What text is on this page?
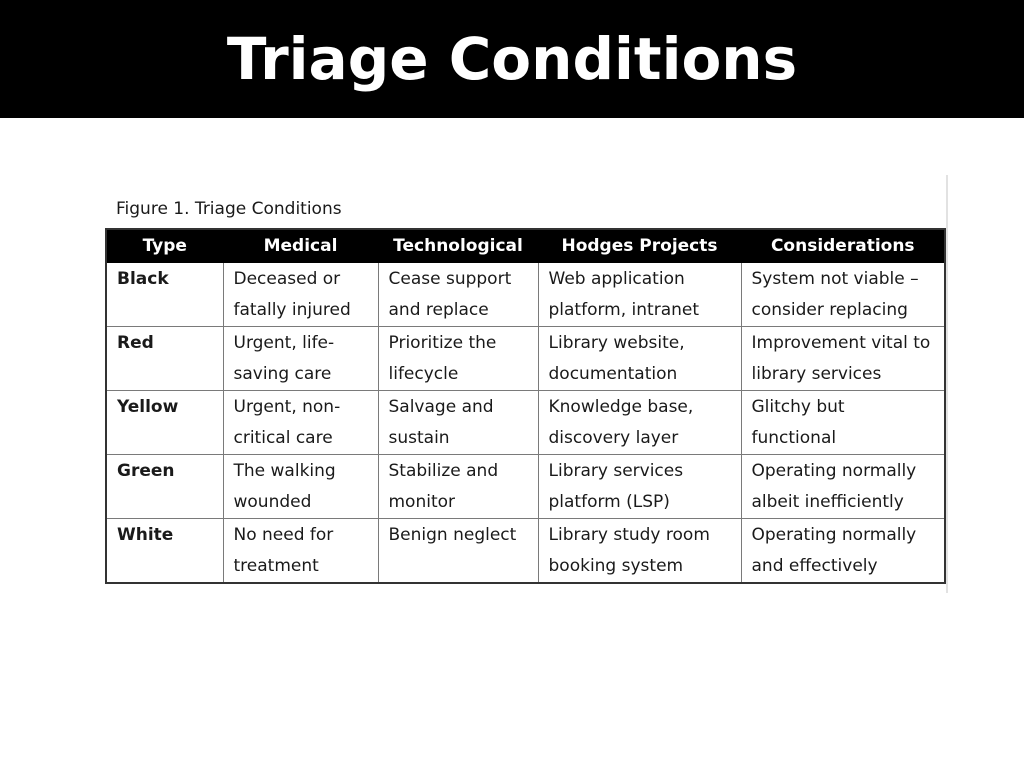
Triage Conditions
Figure 1. Triage Conditions
Type	Medical	Technological	Hodges Projects	Considerations
Black	Deceased or fatally injured	Cease support and replace	Web application platform, intranet	System not viable – consider replacing
Red	Urgent, life-saving care	Prioritize the lifecycle	Library website, documentation	Improvement vital to library services
Yellow	Urgent, non-critical care	Salvage and sustain	Knowledge base, discovery layer	Glitchy but functional
Green	The walking wounded	Stabilize and monitor	Library services platform (LSP)	Operating normally albeit inefficiently
White	No need for treatment	Benign neglect	Library study room booking system	Operating normally and effectively
